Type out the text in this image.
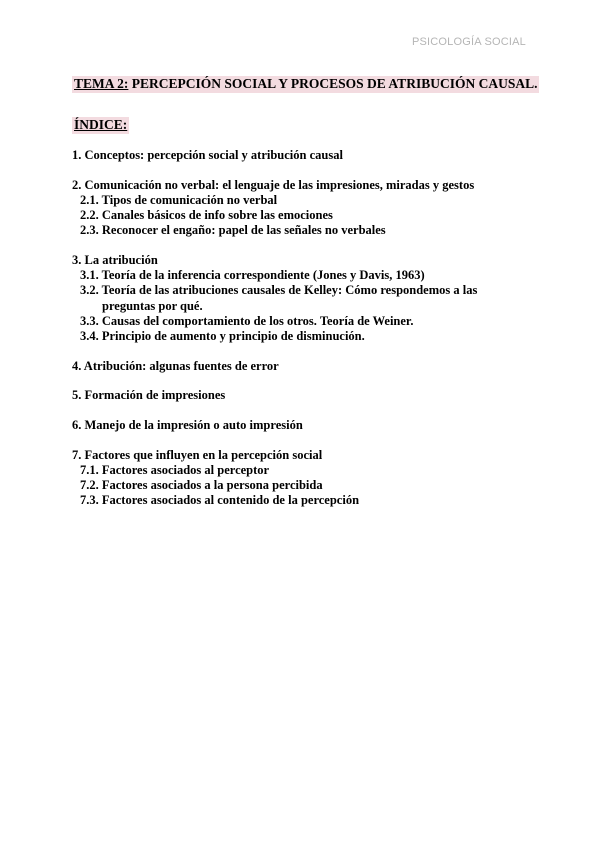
PSICOLOGÍA SOCIAL
TEMA 2: PERCEPCIÓN SOCIAL Y PROCESOS DE ATRIBUCIÓN CAUSAL.
ÍNDICE:

1. Conceptos: percepción social y atribución causal

2. Comunicación no verbal: el lenguaje de las impresiones, miradas y gestos

2.1. Tipos de comunicación no verbal
2.2. Canales básicos de info sobre las emociones
2.3. Reconocer el engaño: papel de las señales no verbales

3. La atribución

3.1. Teoría de la inferencia correspondiente (Jones y Davis, 1963)
3.2. Teoría de las atribuciones causales de Kelley: Cómo respondemos a las preguntas por qué.
3.3. Causas del comportamiento de los otros. Teoría de Weiner.
3.4. Principio de aumento y principio de disminución.

4. Atribución: algunas fuentes de error

5. Formación de impresiones

6. Manejo de la impresión o auto impresión

7. Factores que influyen en la percepción social

7.1. Factores asociados al perceptor
7.2. Factores asociados a la persona percibida
7.3. Factores asociados al contenido de la percepción
